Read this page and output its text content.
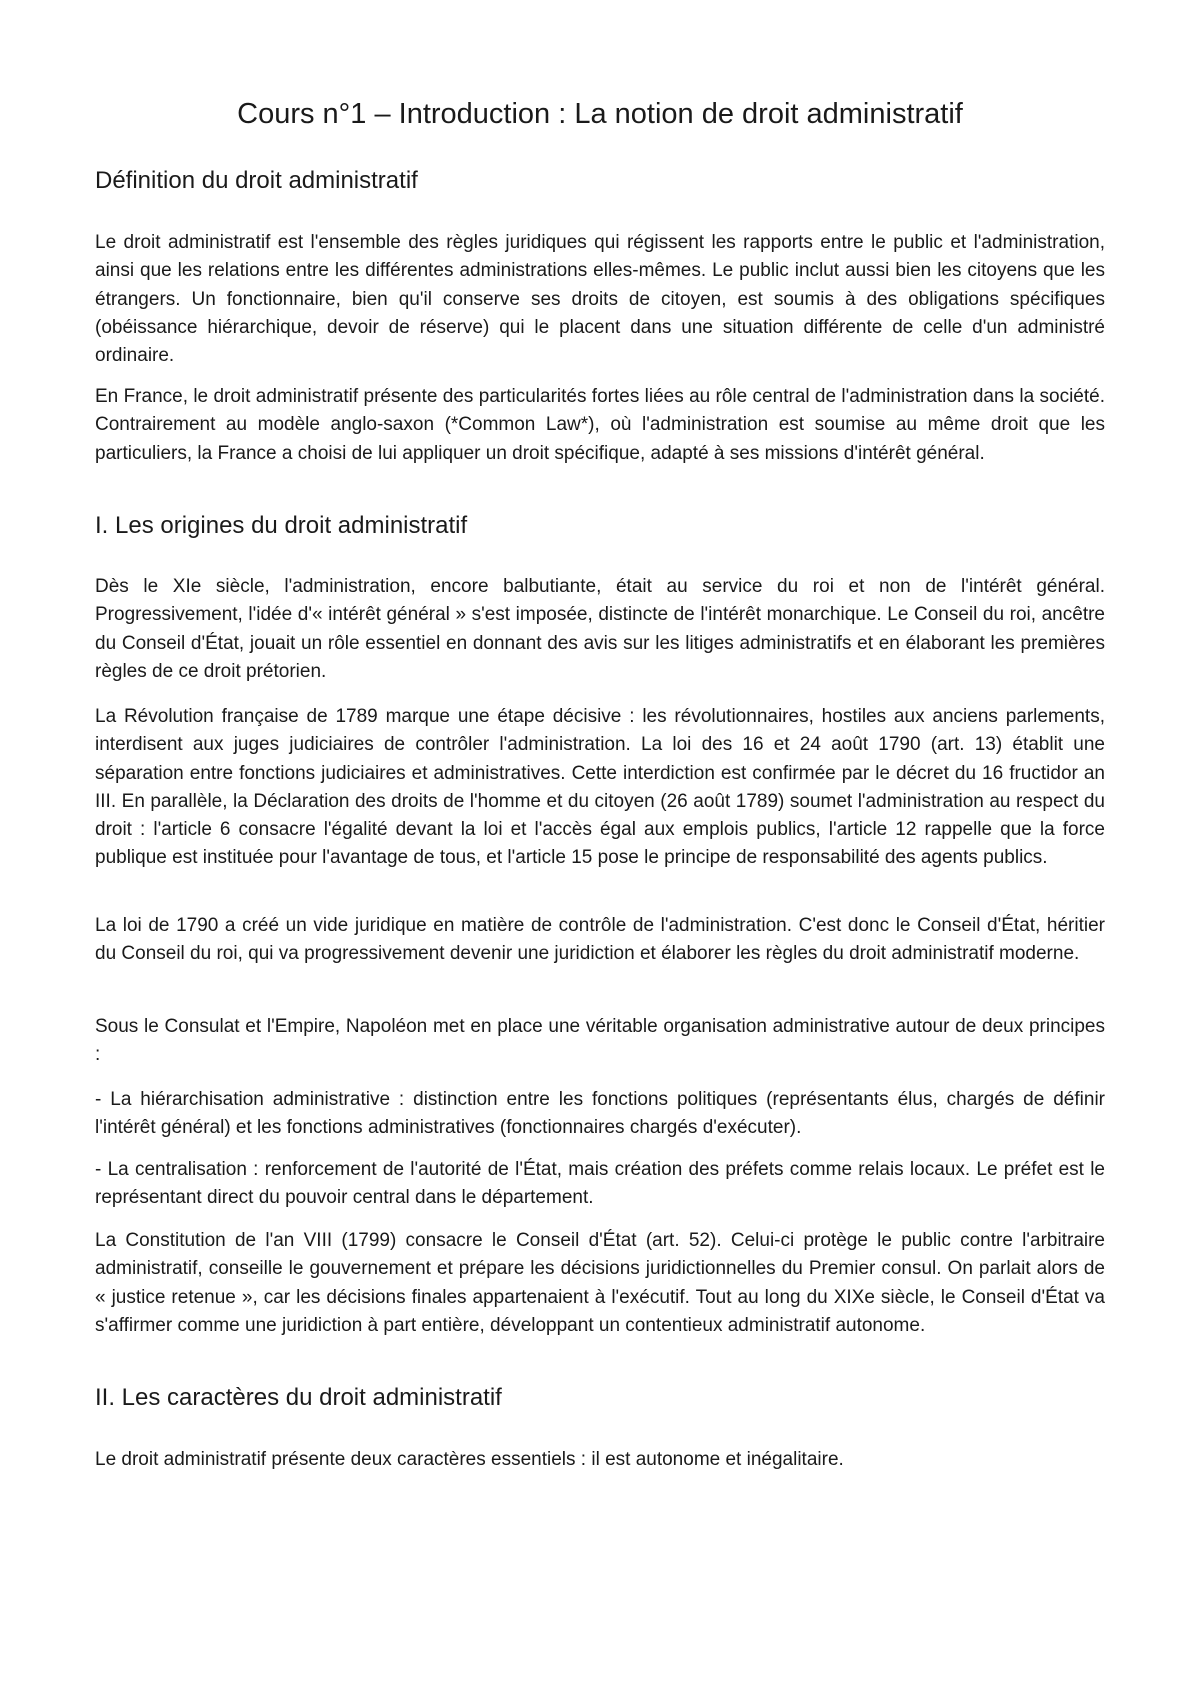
Cours n°1 – Introduction : La notion de droit administratif
Définition du droit administratif

Le droit administratif est l'ensemble des règles juridiques qui régissent les rapports entre le public et l'administration, ainsi que les relations entre les différentes administrations elles-mêmes. Le public inclut aussi bien les citoyens que les étrangers. Un fonctionnaire, bien qu'il conserve ses droits de citoyen, est soumis à des obligations spécifiques (obéissance hiérarchique, devoir de réserve) qui le placent dans une situation différente de celle d'un administré ordinaire.

En France, le droit administratif présente des particularités fortes liées au rôle central de l'administration dans la société. Contrairement au modèle anglo-saxon (*Common Law*), où l'administration est soumise au même droit que les particuliers, la France a choisi de lui appliquer un droit spécifique, adapté à ses missions d'intérêt général.

I. Les origines du droit administratif

Dès le XIe siècle, l'administration, encore balbutiante, était au service du roi et non de l'intérêt général. Progressivement, l'idée d'« intérêt général » s'est imposée, distincte de l'intérêt monarchique. Le Conseil du roi, ancêtre du Conseil d'État, jouait un rôle essentiel en donnant des avis sur les litiges administratifs et en élaborant les premières règles de ce droit prétorien.

La Révolution française de 1789 marque une étape décisive : les révolutionnaires, hostiles aux anciens parlements, interdisent aux juges judiciaires de contrôler l'administration. La loi des 16 et 24 août 1790 (art. 13) établit une séparation entre fonctions judiciaires et administratives. Cette interdiction est confirmée par le décret du 16 fructidor an III. En parallèle, la Déclaration des droits de l'homme et du citoyen (26 août 1789) soumet l'administration au respect du droit : l'article 6 consacre l'égalité devant la loi et l'accès égal aux emplois publics, l'article 12 rappelle que la force publique est instituée pour l'avantage de tous, et l'article 15 pose le principe de responsabilité des agents publics.

La loi de 1790 a créé un vide juridique en matière de contrôle de l'administration. C'est donc le Conseil d'État, héritier du Conseil du roi, qui va progressivement devenir une juridiction et élaborer les règles du droit administratif moderne.

Sous le Consulat et l'Empire, Napoléon met en place une véritable organisation administrative autour de deux principes :

- La hiérarchisation administrative : distinction entre les fonctions politiques (représentants élus, chargés de définir l'intérêt général) et les fonctions administratives (fonctionnaires chargés d'exécuter).

- La centralisation : renforcement de l'autorité de l'État, mais création des préfets comme relais locaux. Le préfet est le représentant direct du pouvoir central dans le département.

La Constitution de l'an VIII (1799) consacre le Conseil d'État (art. 52). Celui-ci protège le public contre l'arbitraire administratif, conseille le gouvernement et prépare les décisions juridictionnelles du Premier consul. On parlait alors de « justice retenue », car les décisions finales appartenaient à l'exécutif. Tout au long du XIXe siècle, le Conseil d'État va s'affirmer comme une juridiction à part entière, développant un contentieux administratif autonome.

II. Les caractères du droit administratif

Le droit administratif présente deux caractères essentiels : il est autonome et inégalitaire.
